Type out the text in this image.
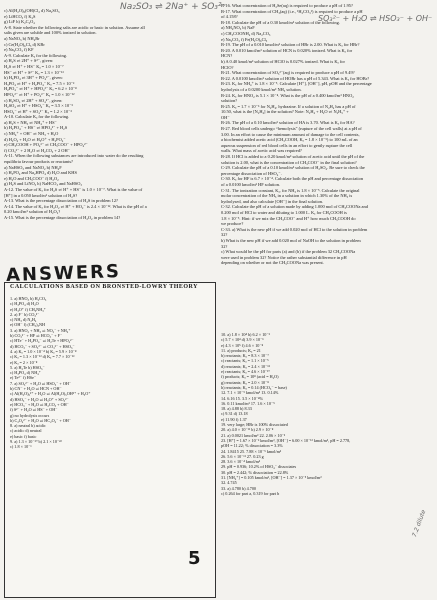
Na₂SO₃ ⇌ 2Na⁺ + SO₃²⁻
SO₃²⁻ + H₂O ⇌ HSO₃⁻ + OH⁻
7.2 dilute
c) Al(H₂O)₆(OH)Cl₂ d) Na₂SO₃
e) LiHCO₃ f) K₂S
g) LiF h) K₂C₂O₄
A-8. State whether the following salts are acidic or basic in solution. Assume all
salts given are soluble and 100% ionized in solution.
a) NaNO₃ b) NH₄Br
c) Ce(H₂O)₆Cl₃ d) KBr
e) Na₂CO₃ f) KF
A-9. Calculate Kₐ for the following.
a) H₂S ⇌ 2H⁺ + S²⁻, given:
H₂S ⇌ H⁺ + HS⁻ Kₐ = 1.0 × 10⁻⁷
HS⁻ ⇌ H⁺ + S²⁻ Kₐ = 1.3 × 10⁻¹³
b) H₃PO₄ ⇌ 3H⁺ + PO₄³⁻, given:
H₃PO₄ ⇌ H⁺ + H₂PO₄⁻ Kₐ = 7.5 × 10⁻³
H₂PO₄⁻ ⇌ H⁺ + HPO₄²⁻ Kₐ = 6.2 × 10⁻⁸
HPO₄²⁻ ⇌ H⁺ + PO₄³⁻ Kₐ = 1.0 × 10⁻¹²
c) H₂SO₄ ⇌ 2H⁺ + SO₄²⁻, given:
H₂SO₄ ⇌ H⁺ + HSO₄⁻ Kₐ = 3.5 × 10⁻³
HSO₄⁻ ⇌ H⁺ + SO₄²⁻ Kₐ = 1.2 × 10⁻²
A-10. Calculate Kₐ for the following.
a) H₂S + NH₃ ⇌ NH₄⁺ + HS⁻
b) H₂PO₄⁻ + HS⁻ ⇌ HPO₄²⁻ + H₂S
c) NH₄⁺ + OH⁻ ⇌ NH₃ + H₂O
d) H₂O₄ + H₂O ⇌ H₃O⁺ + H₂PO₄⁻
e) CH₃COOH + PO₄³⁻ ⇌ CH₃COO⁻ + HPO₄²⁻
f) CO₃²⁻ + 2 H₂O ⇌ H₂CO₃ + 2 OH⁻
A-11. When the following substances are introduced into water do the resulting
equilibria favour products or reactants?
a) NaHSO₃ and NaNO₂ b) NH₄F
c) H₃PO₄ and Na₂HPO₄ d) H₂O and KHS
e) H₂O and CH₃COO⁻ f) H₂O₂
g) H₂S and LiNO₃ h) NaHCO₃ and NaHSO₃
A-12. The value of Kₐ for H₂S ⇌ H⁺ + HS⁻ is 1.0 × 10⁻⁷. What is the value of
[H⁺] in a 0.050 kmol/m³ solution of H₂S?
A-13. What is the percentage dissociation of H₂S in problem 12?
A-14. The value of Kₐ for H₂O₂ ⇌ H⁺ + HO₂⁻ is 2.4 × 10⁻¹². What is the pH of a
0.20 kmol/m³ solution of H₂O₂?
A-15. What is the percentage dissociation of H₂O₂ in problem 14?
B-16. What concentration of H₂Se(aq) is required to produce a pH of 1.95?
B-17. What concentration of CH₃(aq) (i.e., ¹H₂CO₃¹) is required to produce a pH
of 4.158?
B-18. Calculate the pH of a 0.30 kmol/m³ solution of the following.
a) NH₄NO₃ b) NaF
c) CH₃COONH₄ d) Na₂CO₃
e) Na₂CO₃ f) Fe(H₂O)₆Cl₃
B-19. The pH of a 0.010 kmol/m³ solution of HBr is 2.00. What is Kₐ for HBr?
B-20. A 0.010 kmol/m³ solution of HCN is 0.020% ionized. What is Kₐ for
HCN?
b) A 0.40 kmol/m³ solution of HClO is 0.027% ionized. What is Kₐ for
HClO?
B-21. What concentration of SO₃²⁻(aq) is required to produce a pH of 9.49?
B-22. A 0.0100 kmol/m³ solution of HOBr has a pH of 5.343. What is Kₐ for HOBr?
B-23. Kₐ for NH₄⁺ is 1.8 × 10⁻⁵. Calculate [H⁺], [OH⁻], pH, pOH and the percentage
hydrolysis of a 0.0200 kmol/m³ NH₃ solution.
B-24. Kₐ for HNO₂ is 5.1 × 10⁻⁴. What is the pH of a 0.400 kmol/m³ HNO₂
solution?
B-25. Kₐ = 1.7 × 10⁻⁶ for N₂H₄, hydrazine. If a solution of N₂H₄ has a pH of
10.50, what is the [N₂H₄] in the solution? Note: N₂H₄ + H₂O ⇌ N₂H₅⁺ +
OH⁻
B-26. The pH of a 0.10 kmol/m³ solution of HA is 3.70. What is Kₐ for HA?
B-27. Red blood cells undergo “hemolysis” (rupture of the cell walls) at a pH of
3.00. In an effort to cause the minimum amount of damage to the cell contents,
a biochemist added acetic acid (CH₃COOH, Kₐ = 1.8 × 10⁻⁵) to 100 mL of an
aqueous suspension of red blood cells in an effort to gently rupture the cell
walls. What mass of acetic acid was required?
B-28. If HCl is added to a 0.20 kmol/m³ solution of acetic acid until the pH of the
solution is 2.00, what is the concentration of CH₃COO⁻ in the final solution?
C-29. Calculate the pH of a 0.10 kmol/m³ solution of H₂SO₄. Be sure to check the
percentage dissociation of HSO₄⁻.
C-30. Kₐ for HF is 6.7 × 10⁻⁴. Calculate both the pH and percentage dissociation
of a 0.0100 kmol/m³ HF solution.
C-31. The ionization constant, Kₐ, for NH₃ is 1.8 × 10⁻⁵. Calculate the original
molar concentration of the NH₃ in a solution in which 1.30% of the NH₃ is
hydrolysed, and also calculate [OH⁻] in the final solution.
C-32. Calculate the pH of a solution made by adding 1.000 mol of CH₃COONa and
0.200 mol of HCl to water and diluting to 1.000 L. Kₐ for CH₃COOH is
1.8 × 10⁻⁵. Hint: if we mix the CH₃COO⁻ and H⁺ how much CH₃COOH do
we produce?
C-33. a) What is the new pH if we add 0.020 mol of HCl to the solution in problem
32?
b) What is the new pH if we add 0.020 mol of NaOH to the solution in problem
32?
c) What would be the pH for parts (a) and (b) if the problem 32 CH₃COONa
were used in problem 32? Notice the rather substantial difference in pH
depending on whether or not the CH₃COONa was present.
ANSWERS
CALCULATIONS BASED ON BRONSTED-LOWRY THEORY
1. a) HNO₃ b) H₂CO₃
c) H₃PO₄ d) H₂O
e) H₃O⁺ f) CH₃NH₃⁺
2. a) F⁻ b) CO₃²⁻
c) NH₃ d) N₂H₄
e) OH⁻ f) (CH₃)₃NH
3. a) HNO₂ + NH₃ ⇌ NO₂⁻ + NH₄⁺
b) CO₃²⁻ + HF ⇌ HCO₃⁻ + F⁻
c) HTe⁻ + H₂PO₄⁻ ⇌ H₂Te + HPO₄²⁻
d) HCO₃⁻ + SO₃²⁻ ⇌ CO₃²⁻ + HSO₃⁻
4. a) Kₐ = 1.0 × 10⁻⁴ b) Kₐ = 5.9 × 10⁻⁸
c) Kₐ = 1.3 × 10⁻¹³ d) Kₐ = 7.7 × 10⁻¹³
e) Kₐ = 2 × 10⁻⁸
5. a) H₂Te b) HSO₃⁻
c) H₃PO₄ d) NH₄⁺
e) Te²⁻ f) HSe⁻
7. a) SO₃²⁻ + H₂O ⇌ HSO₃⁻ + OH⁻
b) CN⁻ + H₂O ⇌ HCN + OH⁻
c) Al(H₂O)₆³⁺ + H₂O ⇌ Al(H₂O)₅OH²⁺ + H₃O⁺
d) HSO₃⁻ + H₂O ⇌ H₃O⁺ + SO₃²⁻
e) HCO₃⁻ + H₂O ⇌ H₂CO₃ + OH⁻
f) S²⁻ + H₂O ⇌ HS⁻ + OH⁻
g) no hydrolysis occurs
h) C₂O₄²⁻ + H₂O ⇌ HC₂O₄⁻ + OH⁻
8. a) neutral b) acidic
c) acidic d) neutral
e) basic f) basic
9. a) 1.3 × 10⁻²⁰ b) 2.1 × 10⁻²²
c) 1.8 × 10⁻¹
10. a) 1.8 × 10⁴ b) 6.2 × 10⁻³
c) 5.7 × 10⁴ d) 3.9 × 10⁻⁶
e) 4.3 × 10⁵ f) 4.6 × 10⁻⁸
11. a) products; Kₐ = 21
b) reactants; Kₐ = 8.3 × 10⁻⁷
c) reactants; Kₐ = 1.1 × 10⁻⁵
d) reactants; Kₐ = 2.4 × 10⁻¹²
e) reactants; Kₐ = 4.6 × 10⁻¹⁰
f) products; Kₐ = 10⁸ (acid = H₂O)
g) reactants; Kₐ = 2.0 × 10⁻⁸
h) reactants; Kₐ = 0.14 (HCO₃⁻ = base)
12. 7.1 × 10⁻⁵ kmol/m³ 13. 0.14%
14. 6.16 15. 3.5 × 10⁻⁴%
16. 0.11 kmol/m³ 17. 1.6 × 10⁻⁵
18. a) 4.88 b) 8.33
c) 9.31 d) 13.18
e) 11.90 f) 1.37
19. very large; HBr is 100% dissociated
20. a) 4.0 × 10⁻¹¹ b) 2.9 × 10⁻⁸
21. a) 0.0021 kmol/m³ 22. 2.06 × 10⁻³
23. [H⁺] = 1.67 × 10⁻³ kmol/m³, [OH⁻] = 6.00 × 10⁻¹² kmol/m³, pH = 2.778,
pOH = 11.22; % dissociation = 3.3%
24. 1.8415 25. 7.88 × 10⁻⁵ kmol/m³
26. 5.6 × 10⁻¹¹ 27. 0.23 g
28. 3.6 × 10⁻⁴ kmol/m³
29. pH = 0.936; 10.2% of HSO₄⁻ dissociates
30. pH = 2.442; % dissociation = 22.8%
31. [NH₄⁺] = 0.105 kmol/m³, [OH⁻] = 1.37 × 10⁻⁵ kmol/m³
32. 4.745
33. a) 4.780 b) 4.700
c) 0.264 for part a, 0.319 for part b
5
